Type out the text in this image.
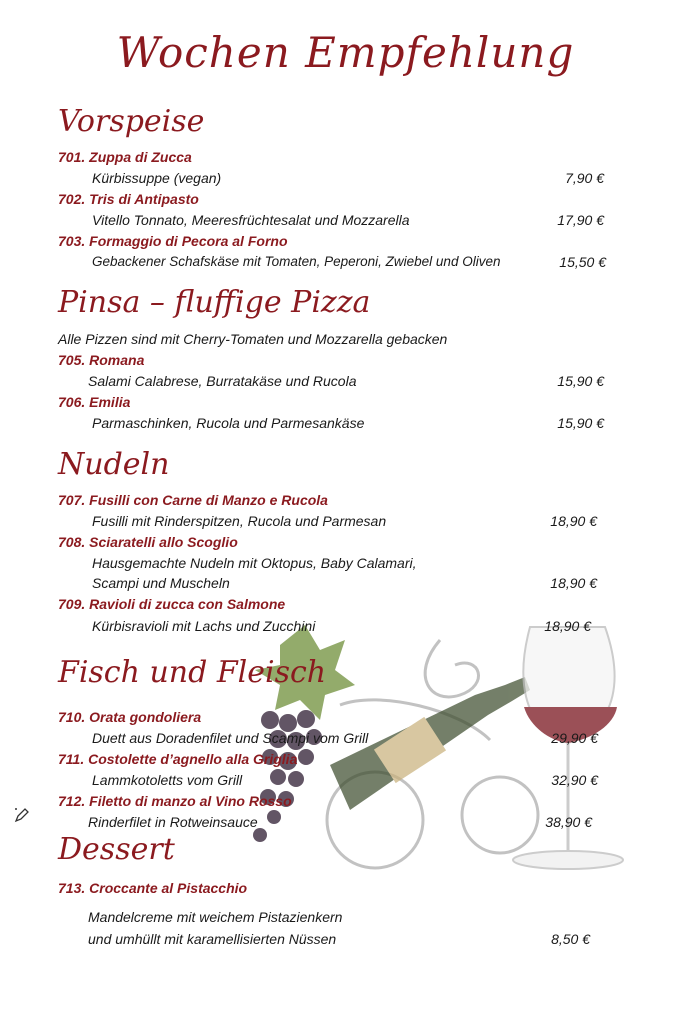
Wochen Empfehlung
Vorspeise
701. Zuppa di Zucca
Kürbissuppe (vegan)	7,90 €
702. Tris di Antipasto
Vitello Tonnato, Meeresfrüchtesalat und Mozzarella	17,90 €
703. Formaggio di Pecora al Forno
Gebackener Schafskäse mit Tomaten, Peperoni, Zwiebel und Oliven	15,50 €
Pinsa – fluffige Pizza
Alle Pizzen sind mit Cherry-Tomaten und Mozzarella gebacken
705. Romana
Salami Calabrese, Burratakäse und Rucola	15,90 €
706. Emilia
Parmaschinken, Rucola und Parmesankäse	15,90 €
Nudeln
707. Fusilli con Carne di Manzo e Rucola
Fusilli mit Rinderspitzen, Rucola und Parmesan	18,90 €
708. Sciaratelli allo Scoglio
Hausgemachte Nudeln mit Oktopus, Baby Calamari,
Scampi und Muscheln	18,90 €
709. Ravioli di zucca con Salmone
Kürbisravioli mit Lachs und Zucchini	18,90 €
Fisch und Fleisch
710. Orata gondoliera
Duett aus Doradenfilet und Scampi vom Grill	29,90 €
711. Costolette d’agnello alla Griglia
Lammkotoletts vom Grill	32,90 €
712. Filetto di manzo al Vino Rosso
Rinderfilet in Rotweinsauce	38,90 €
Dessert
713. Croccante al Pistacchio
Mandelcreme mit weichem Pistazienkern
und umhüllt mit karamellisierten Nüssen	8,50 €
